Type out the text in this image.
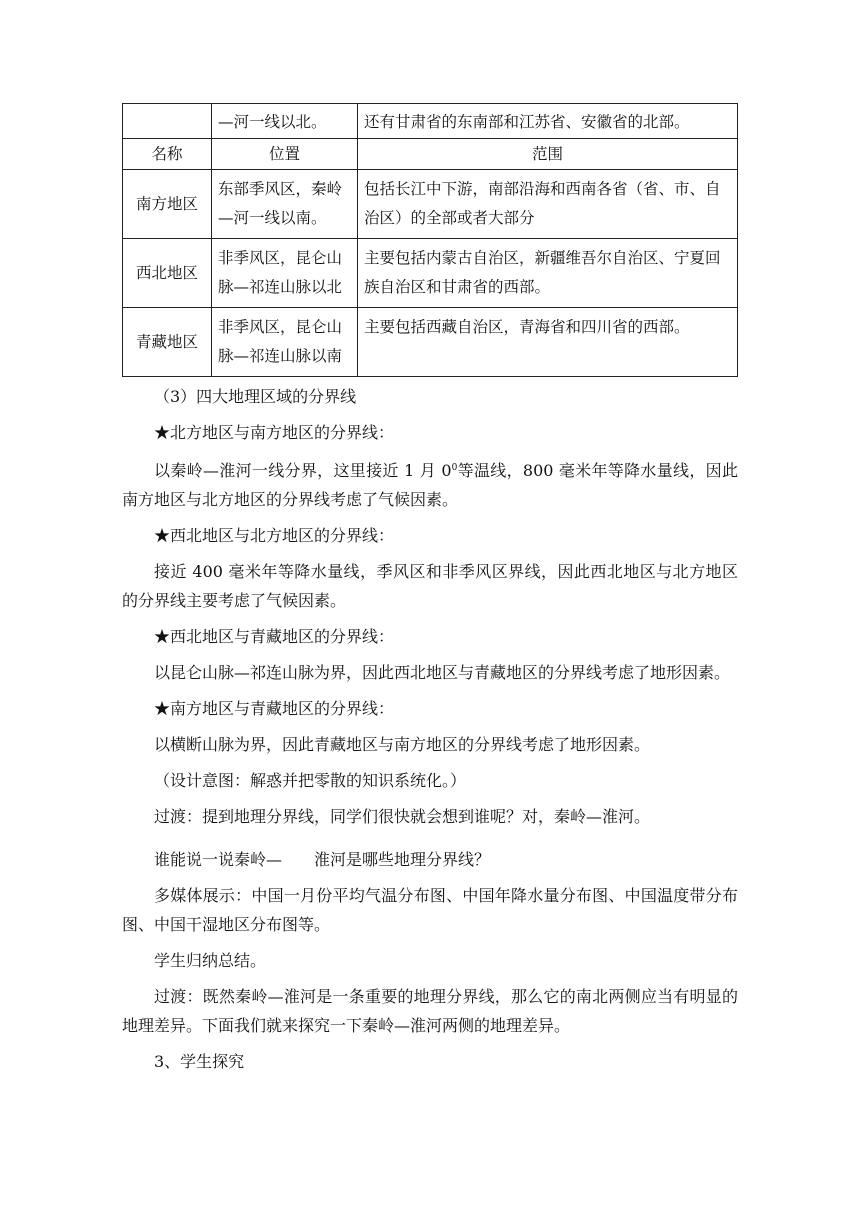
	—河一线以北。	还有甘肃省的东南部和江苏省、安徽省的北部。
名称	位置	范围
南方地区	东部季风区，秦岭—河一线以南。	包括长江中下游，南部沿海和西南各省（省、市、自治区）的全部或者大部分
西北地区	非季风区，昆仑山脉—祁连山脉以北	主要包括内蒙古自治区，新疆维吾尔自治区、宁夏回族自治区和甘肃省的西部。
青藏地区	非季风区，昆仑山脉—祁连山脉以南	主要包括西藏自治区，青海省和四川省的西部。

（3）四大地理区域的分界线

★北方地区与南方地区的分界线：

以秦岭—淮河一线分界，这里接近 1 月 $0^0$等温线，800 毫米年等降水量线，因此南方地区与北方地区的分界线考虑了气候因素。

★西北地区与北方地区的分界线：

接近 400 毫米年等降水量线，季风区和非季风区界线，因此西北地区与北方地区的分界线主要考虑了气候因素。

★西北地区与青藏地区的分界线：

以昆仑山脉—祁连山脉为界，因此西北地区与青藏地区的分界线考虑了地形因素。

★南方地区与青藏地区的分界线：

以横断山脉为界，因此青藏地区与南方地区的分界线考虑了地形因素。

（设计意图：解惑并把零散的知识系统化。）

过渡：提到地理分界线，同学们很快就会想到谁呢？对，秦岭—淮河。

谁能说一说秦岭—　　淮河是哪些地理分界线？

多媒体展示：中国一月份平均气温分布图、中国年降水量分布图、中国温度带分布图、中国干湿地区分布图等。

学生归纳总结。

过渡：既然秦岭—淮河是一条重要的地理分界线，那么它的南北两侧应当有明显的地理差异。下面我们就来探究一下秦岭—淮河两侧的地理差异。

3、学生探究
